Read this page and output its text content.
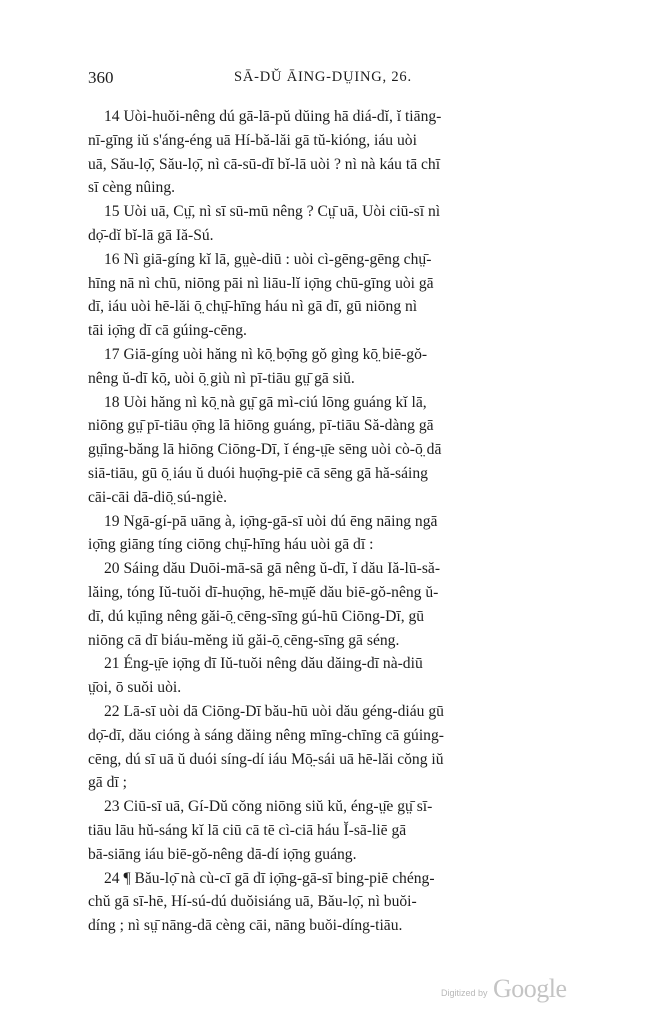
360	SĀ-DŬ ĀING-DṲING, 26.
14 Uòi-huŏi-nêng dú gā-lā-pŭ dŭing hā diá-dĭ, ĭ tiāng-
nī-gīng iŭ s'áng-éng uā Hí-bă-lăi gā tŭ-kióng, iáu uòi
uā, Său-lọ̄, Său-lọ̄, nì cā-sū-dī bĭ-lā uòi ? nì nà káu tā chī
sī cèng nûing.
15 Uòi uā, Cṳ̄, nì sī sū-mū nêng ? Cṳ̄ uā, Uòi ciū-sī nì
dọ̄-dĭ bĭ-lā gā Iă-Sú.
16 Nì giā-gíng kĭ lā, gṳè-diū : uòi cì-gēng-gēng chṳ̄-
hīng nā nì chū, niōng pāi nì liāu-lĭ iọ̄ng chū-gīng uòi gā
dī, iáu uòi hē-lăi ō̤ chṳ̄-hīng háu nì gā dī, gū niōng nì
tāi iọ̄ng dī cā gúing-cēng.
17 Giā-gíng uòi hăng nì kō̤ bọ̄ng gŏ gìng kō̤ biē-gŏ-
nêng ŭ-dī kō̤, uòi ō̤ giù nì pī-tiāu gṳ̄ gā siŭ.
18 Uòi hăng nì kō̤ nà gṳ̄ gā mì-ciú lōng guáng kĭ lā,
niōng gṳ̄ pī-tiāu ọ̄ng lā hiōng guáng, pī-tiāu Să-dàng gā
gṳ̄ing-băng lā hiōng Ciōng-Dī, ĭ éng-ṳ̄e sēng uòi cò-ō̤ dā
siā-tiāu, gū ō̤ iáu ŭ duói huọ̄ng-piē cā sēng gā hă-sáing
cāi-cāi dā-diō̤ sú-ngiè.
19 Ngā-gí-pā uāng à, iọ̄ng-gā-sī uòi dú ēng nāing ngā
iọ̄ng giāng tíng ciōng chṳ̄-hīng háu uòi gā dī :
20 Sáing dău Duōi-mā-sā gā nêng ŭ-dī, ĭ dău Iă-lū-să-
lăing, tóng Iŭ-tuŏi dī-huọ̄ng, hē-mṳ̄ĕ dău biē-gŏ-nêng ŭ-
dī, dú kṳ̄ing nêng găi-ō̤ cēng-sīng gú-hū Ciōng-Dī, gū
niōng cā dī biáu-mĕng iŭ găi-ō̤ cēng-sīng gā séng.
21 Éng-ṳ̄e iọ̄ng dī Iŭ-tuŏi nêng dău dăing-dī nà-diū
ṳ̄oi, ō suŏi uòi.
22 Lā-sī uòi dā Ciōng-Dī bău-hū uòi dău géng-diáu gū
dọ̄-dī, dău cióng à sáng dăing nêng mīng-chīng cā gúing-
cēng, dú sī uā ŭ duói síng-dí iáu Mō̤-sái uā hē-lăi cŏng iŭ
gā dī ;
23 Ciū-sī uā, Gí-Dŭ cŏng niōng siŭ kŭ, éng-ṳ̄e gṳ̄ sī-
tiāu lāu hŭ-sáng kĭ lā ciū cā tē cì-ciā háu Ĭ-sā-liē gā
bā-siāng iáu biē-gŏ-nêng dā-dí iọ̄ng guáng.
24 ¶ Bău-lọ̄ nà cù-cī gā dī iọ̄ng-gā-sī bing-piē chéng-
chŭ gā sī-hē, Hí-sú-dú duŏisiáng uā, Bău-lọ̄, nì buŏi-
díng ; nì sṳ̄ nāng-dā cèng cāi, nāng buŏi-díng-tiāu.
Digitized by Google
